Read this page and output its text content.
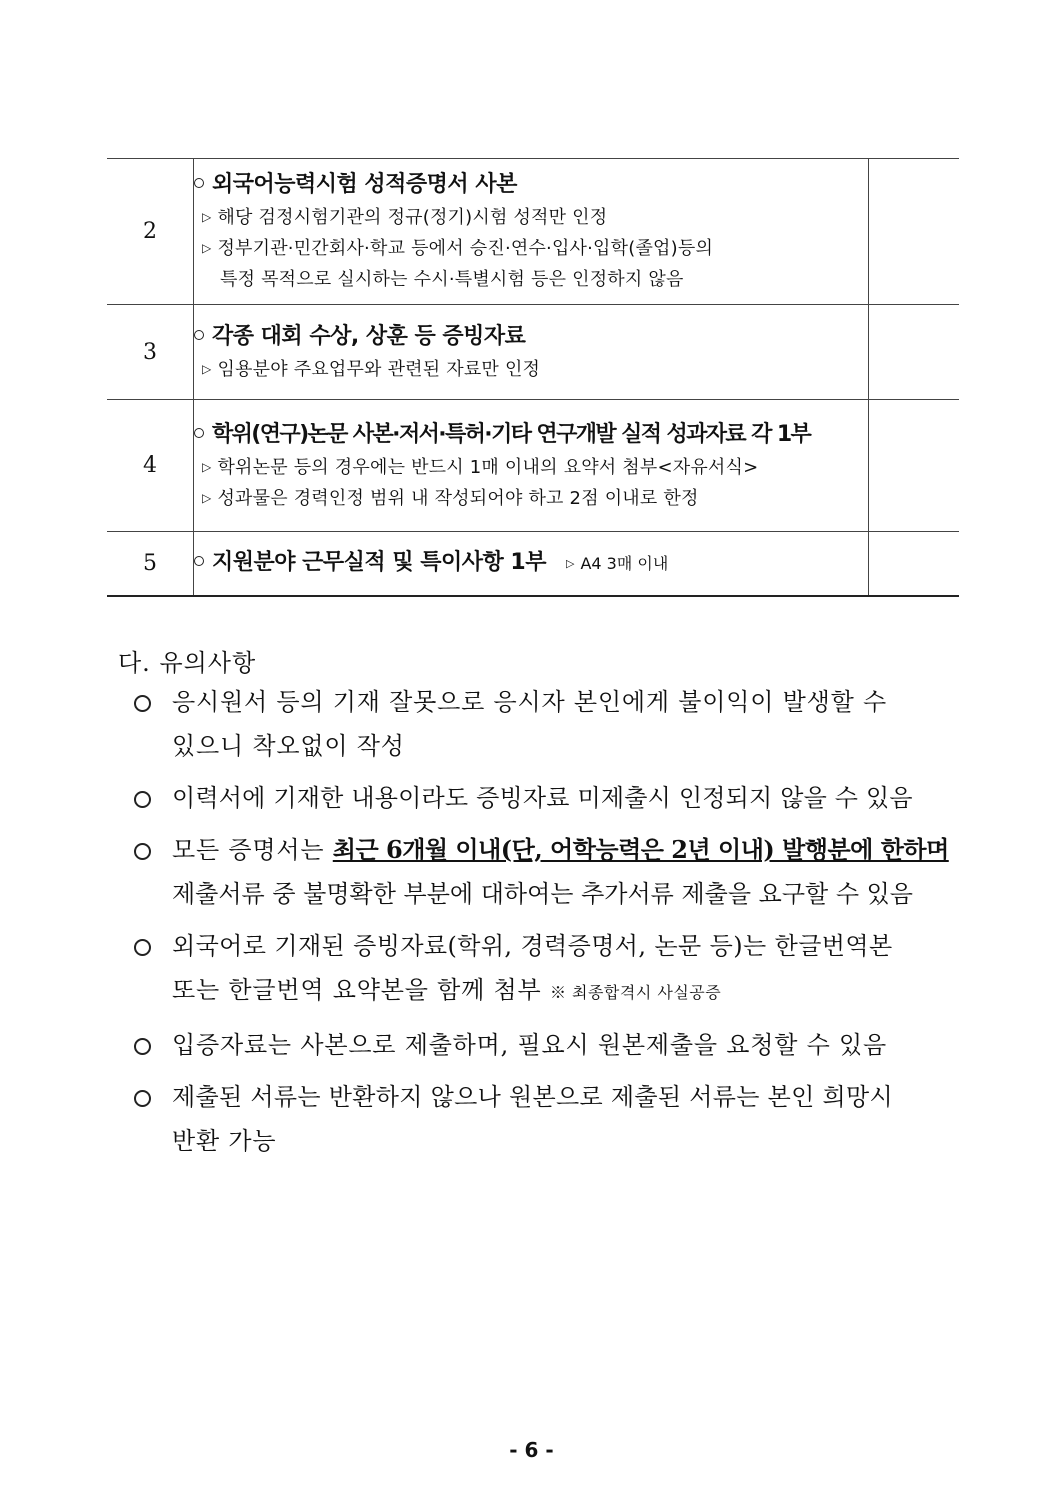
2	외국어능력시험 성적증명서 사본
▷ 해당 검정시험기관의 정규(정기)시험 성적만 인정
▷ 정부기관·민간회사·학교 등에서 승진·연수·입사·입학(졸업)등의
특정 목적으로 실시하는 수시·특별시험 등은 인정하지 않음	

3	각종 대회 수상, 상훈 등 증빙자료
▷ 임용분야 주요업무와 관련된 자료만 인정	

4	학위(연구)논문 사본·저서·특허·기타 연구개발 실적 성과자료 각 1부
▷ 학위논문 등의 경우에는 반드시 1매 이내의 요약서 첨부<자유서식>
▷ 성과물은 경력인정 범위 내 작성되어야 하고 2점 이내로 한정	

5	지원분야 근무실적 및 특이사항 1부 ▷ A4 3매 이내	

다. 유의사항
응시원서 등의 기재 잘못으로 응시자 본인에게 불이익이 발생할 수
있으니 착오없이 작성
이력서에 기재한 내용이라도 증빙자료 미제출시 인정되지 않을 수 있음
모든 증명서는 최근 6개월 이내(단, 어학능력은 2년 이내) 발행분에 한하며
제출서류 중 불명확한 부분에 대하여는 추가서류 제출을 요구할 수 있음
외국어로 기재된 증빙자료(학위, 경력증명서, 논문 등)는 한글번역본
또는 한글번역 요약본을 함께 첨부 ※ 최종합격시 사실공증
입증자료는 사본으로 제출하며, 필요시 원본제출을 요청할 수 있음
제출된 서류는 반환하지 않으나 원본으로 제출된 서류는 본인 희망시
반환 가능
- 6 -
